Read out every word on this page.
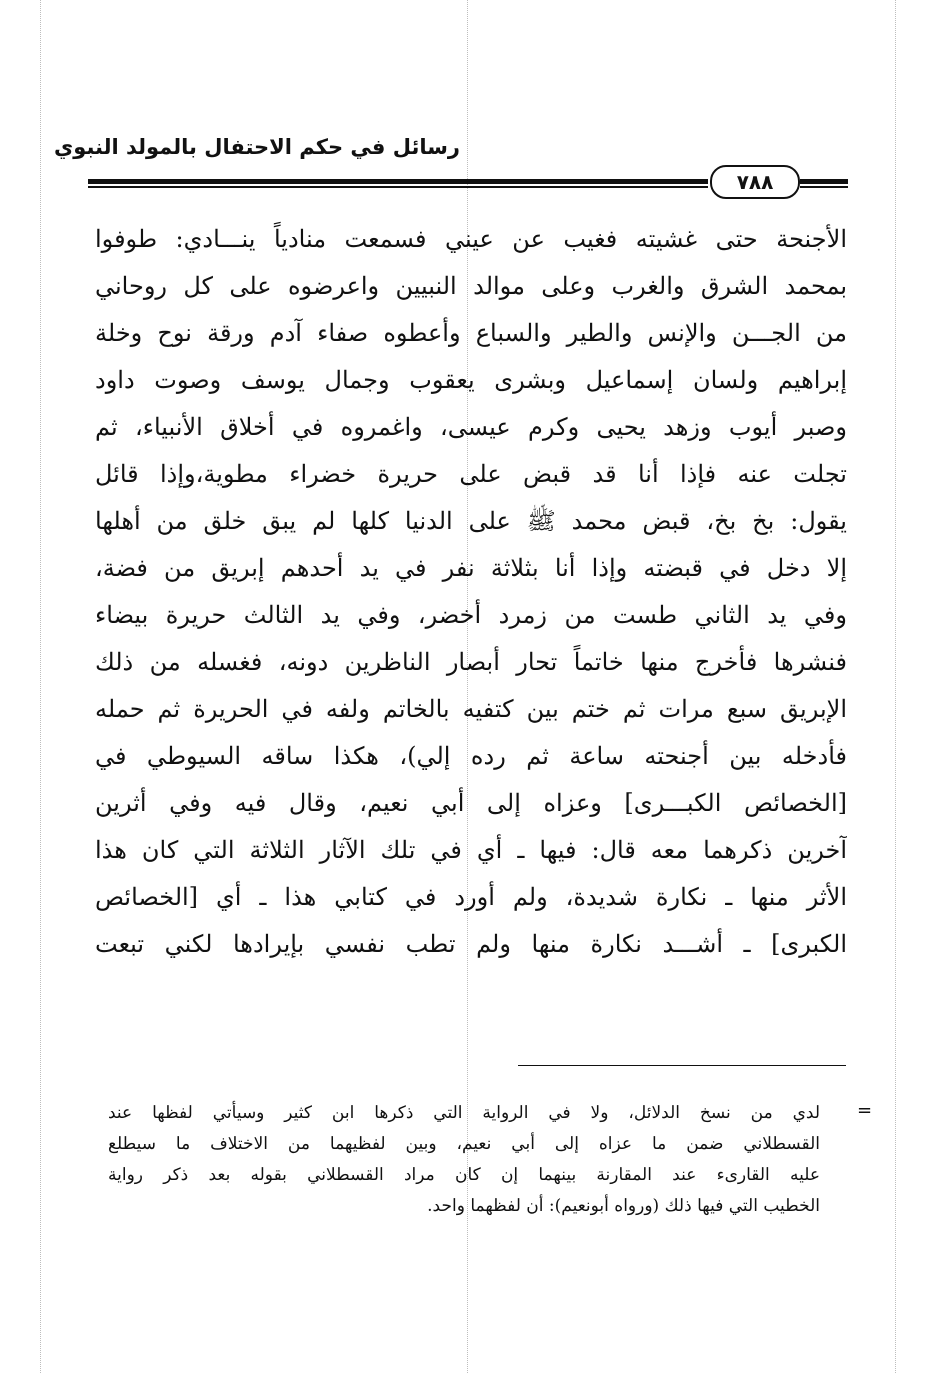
رسائل في حكم الاحتفال بالمولد النبوي
٧٨٨
الأجنحة حتى غشيته فغيب عن عيني فسمعت منادياً ينـــادي: طوفوا
بمحمد الشرق والغرب وعلى موالد النبيين واعرضوه على كل روحاني
من الجـــن والإنس والطير والسباع وأعطوه صفاء آدم ورقة نوح وخلة
إبراهيم ولسان إسماعيل وبشرى يعقوب وجمال يوسف وصوت داود
وصبر أيوب وزهد يحيى وكرم عيسى، واغمروه في أخلاق الأنبياء، ثم
تجلت عنه فإذا أنا قد قبض على حريرة خضراء مطوية،وإذا قائل
يقول: بخ بخ، قبض محمد ﷺ على الدنيا كلها لم يبق خلق من أهلها
إلا دخل في قبضته وإذا أنا بثلاثة نفر في يد أحدهم إبريق من فضة،
وفي يد الثاني طست من زمرد أخضر، وفي يد الثالث حريرة بيضاء
فنشرها فأخرج منها خاتماً تحار أبصار الناظرين دونه، فغسله من ذلك
الإبريق سبع مرات ثم ختم بين كتفيه بالخاتم ولفه في الحريرة ثم حمله
فأدخله بين أجنحته ساعة ثم رده إلي)، هكذا ساقه السيوطي في
[الخصائص الكبـــرى] وعزاه إلى أبي نعيم، وقال فيه وفي أثرين
آخرين ذكرهما معه قال: فيها ـ أي في تلك الآثار الثلاثة التي كان هذا
الأثر منها ـ نكارة شديدة، ولم أورد في كتابي هذا ـ أي [الخصائص
الكبرى] ـ أشـــد نكارة منها ولم تطب نفسي بإيرادها لكني تبعت
=
لدي من نسخ الدلائل، ولا في الرواية التي ذكرها ابن كثير وسيأتي لفظها عند
القسطلاني ضمن ما عزاه إلى أبي نعيم، وبين لفظيهما من الاختلاف ما سيطلع
عليه القارىء عند المقارنة بينهما إن كان مراد القسطلاني بقوله بعد ذكر رواية
الخطيب التي فيها ذلك (ورواه أبونعيم): أن لفظهما واحد.
